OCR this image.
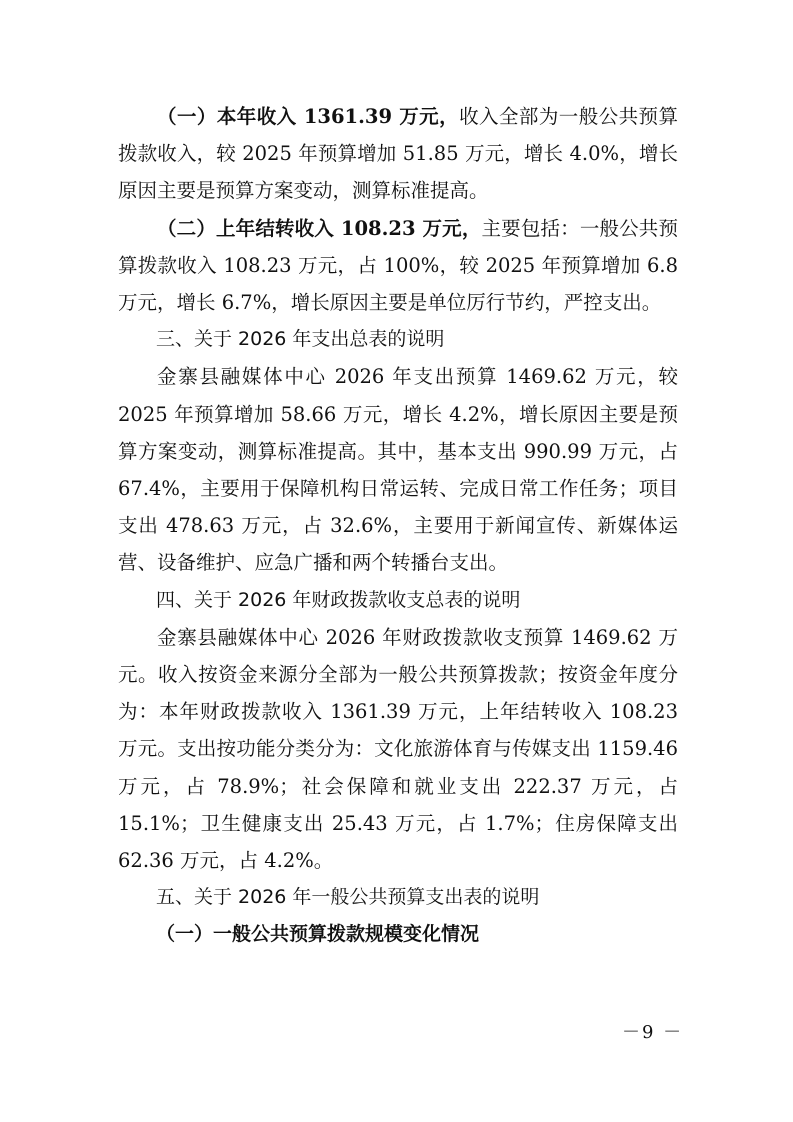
（一）本年收入 1361.39 万元，收入全部为一般公共预算拨款收入，较 2025 年预算增加 51.85 万元，增长 4.0%，增长原因主要是预算方案变动，测算标准提高。

（二）上年结转收入 108.23 万元，主要包括：一般公共预算拨款收入 108.23 万元，占 100%，较 2025 年预算增加 6.8 万元，增长 6.7%，增长原因主要是单位厉行节约，严控支出。

三、关于 2026 年支出总表的说明

金寨县融媒体中心 2026 年支出预算 1469.62 万元，较 2025 年预算增加 58.66 万元，增长 4.2%，增长原因主要是预算方案变动，测算标准提高。其中，基本支出 990.99 万元，占 67.4%，主要用于保障机构日常运转、完成日常工作任务；项目支出 478.63 万元，占 32.6%，主要用于新闻宣传、新媒体运营、设备维护、应急广播和两个转播台支出。

四、关于 2026 年财政拨款收支总表的说明

金寨县融媒体中心 2026 年财政拨款收支预算 1469.62 万元。收入按资金来源分全部为一般公共预算拨款；按资金年度分为：本年财政拨款收入 1361.39 万元，上年结转收入 108.23 万元。支出按功能分类分为：文化旅游体育与传媒支出 1159.46 万元，占 78.9%；社会保障和就业支出 222.37 万元，占 15.1%；卫生健康支出 25.43 万元，占 1.7%；住房保障支出 62.36 万元，占 4.2%。

五、关于 2026 年一般公共预算支出表的说明

（一）一般公共预算拨款规模变化情况

－9 －
